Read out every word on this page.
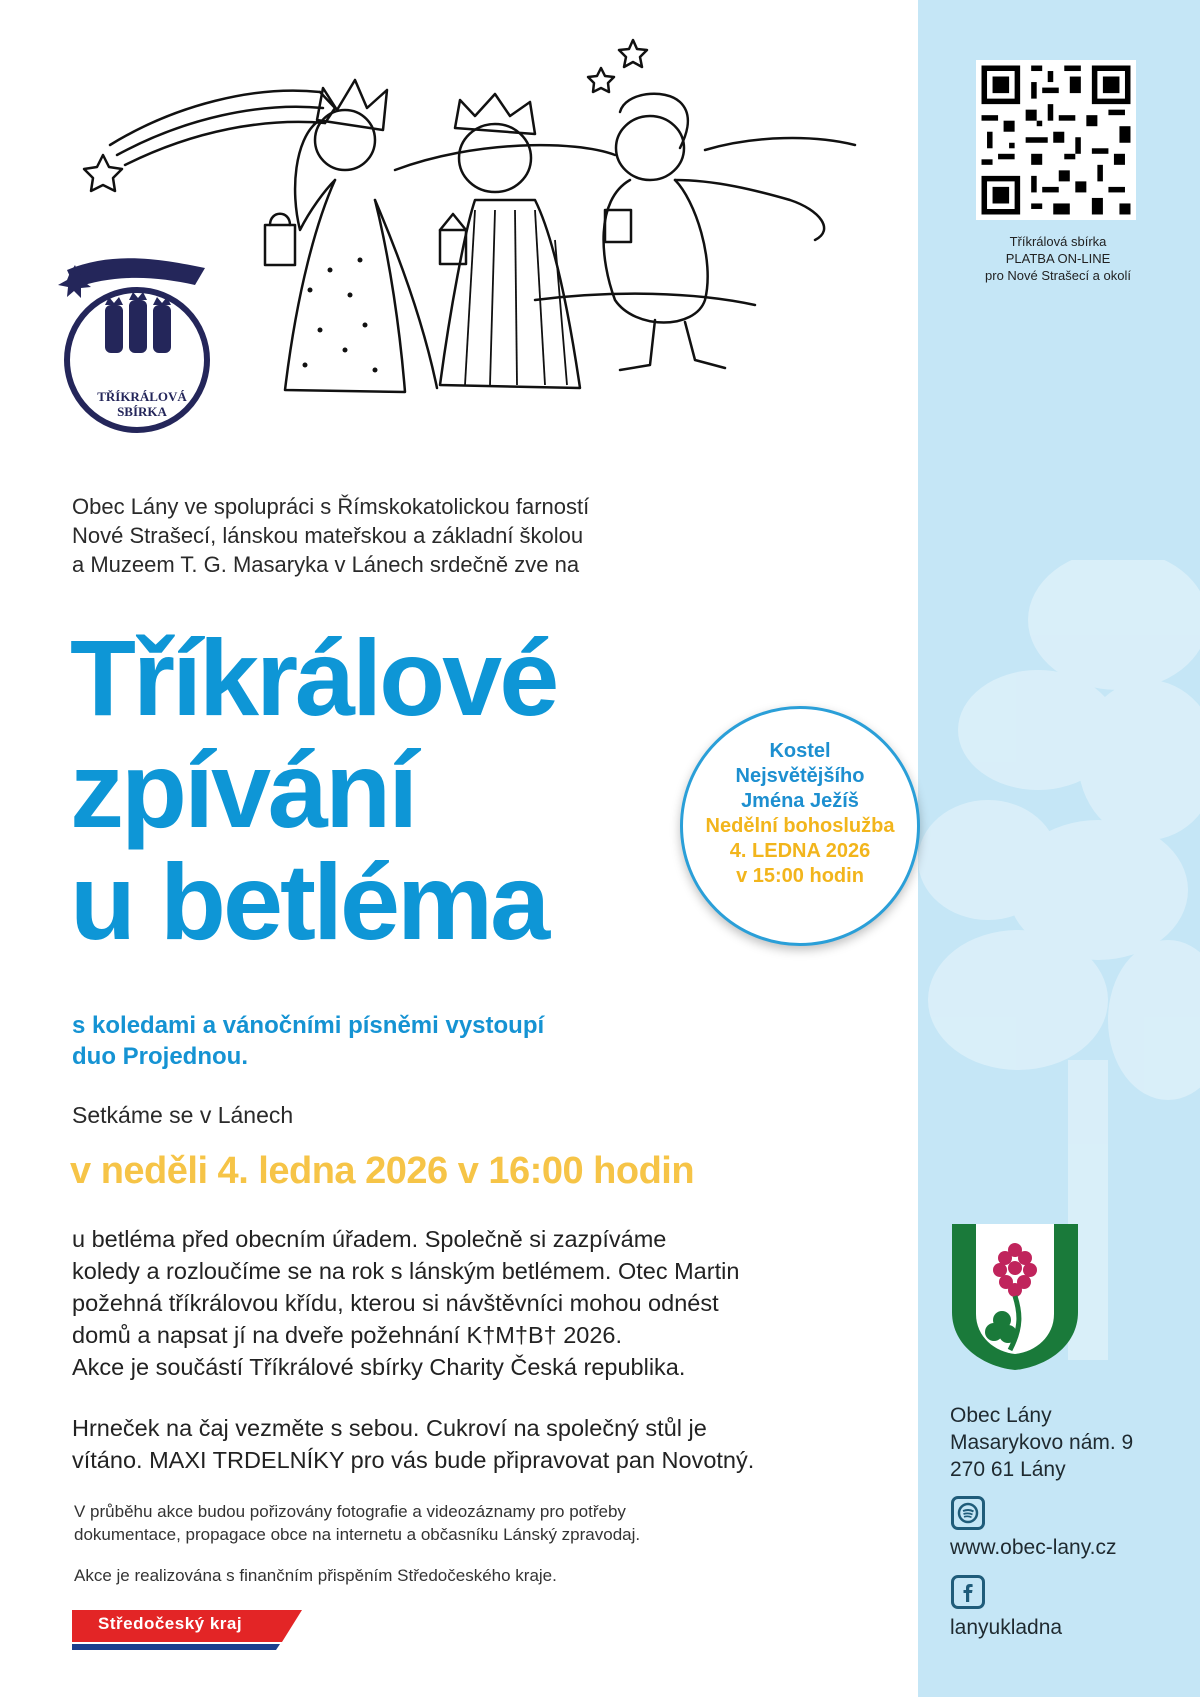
Tříkrálová sbírka
PLATBA ON-LINE
pro Nové Strašecí a okolí
TŘÍKRÁLOVÁ
SBÍRKA
Obec Lány ve spolupráci s Římskokatolickou farností
Nové Strašecí, lánskou mateřskou a základní školou
a Muzeem T. G. Masaryka v Lánech srdečně zve na
Tříkrálové
zpívání
u betléma
Kostel
Nejsvětějšího
Jména Ježíš
Nedělní bohoslužba
4. LEDNA 2026
v 15:00 hodin
s koledami a vánočními písněmi vystoupí
duo Projednou.
Setkáme se v Lánech
v neděli 4. ledna 2026 v 16:00 hodin

u betléma před obecním úřadem. Společně si zazpíváme

koledy a rozloučíme se na rok s lánským betlémem. Otec Martin

požehná tříkrálovou křídu, kterou si návštěvníci mohou odnést

domů a napsat jí na dveře požehnání K†M†B† 2026.

Akce je součástí Tříkrálové sbírky Charity Česká republika.

Hrneček na čaj vezměte s sebou. Cukroví na společný stůl je
vítáno. MAXI TRDELNÍKY pro vás bude připravovat pan Novotný.
V průběhu akce budou pořizovány fotografie a videozáznamy pro potřeby
dokumentace, propagace obce na internetu a občasníku Lánský zpravodaj.
Akce je realizována s finančním přispěním Středočeského kraje.
Středočeský kraj
Obec Lány
Masarykovo nám. 9
270 61 Lány
www.obec-lany.cz
lanyukladna
